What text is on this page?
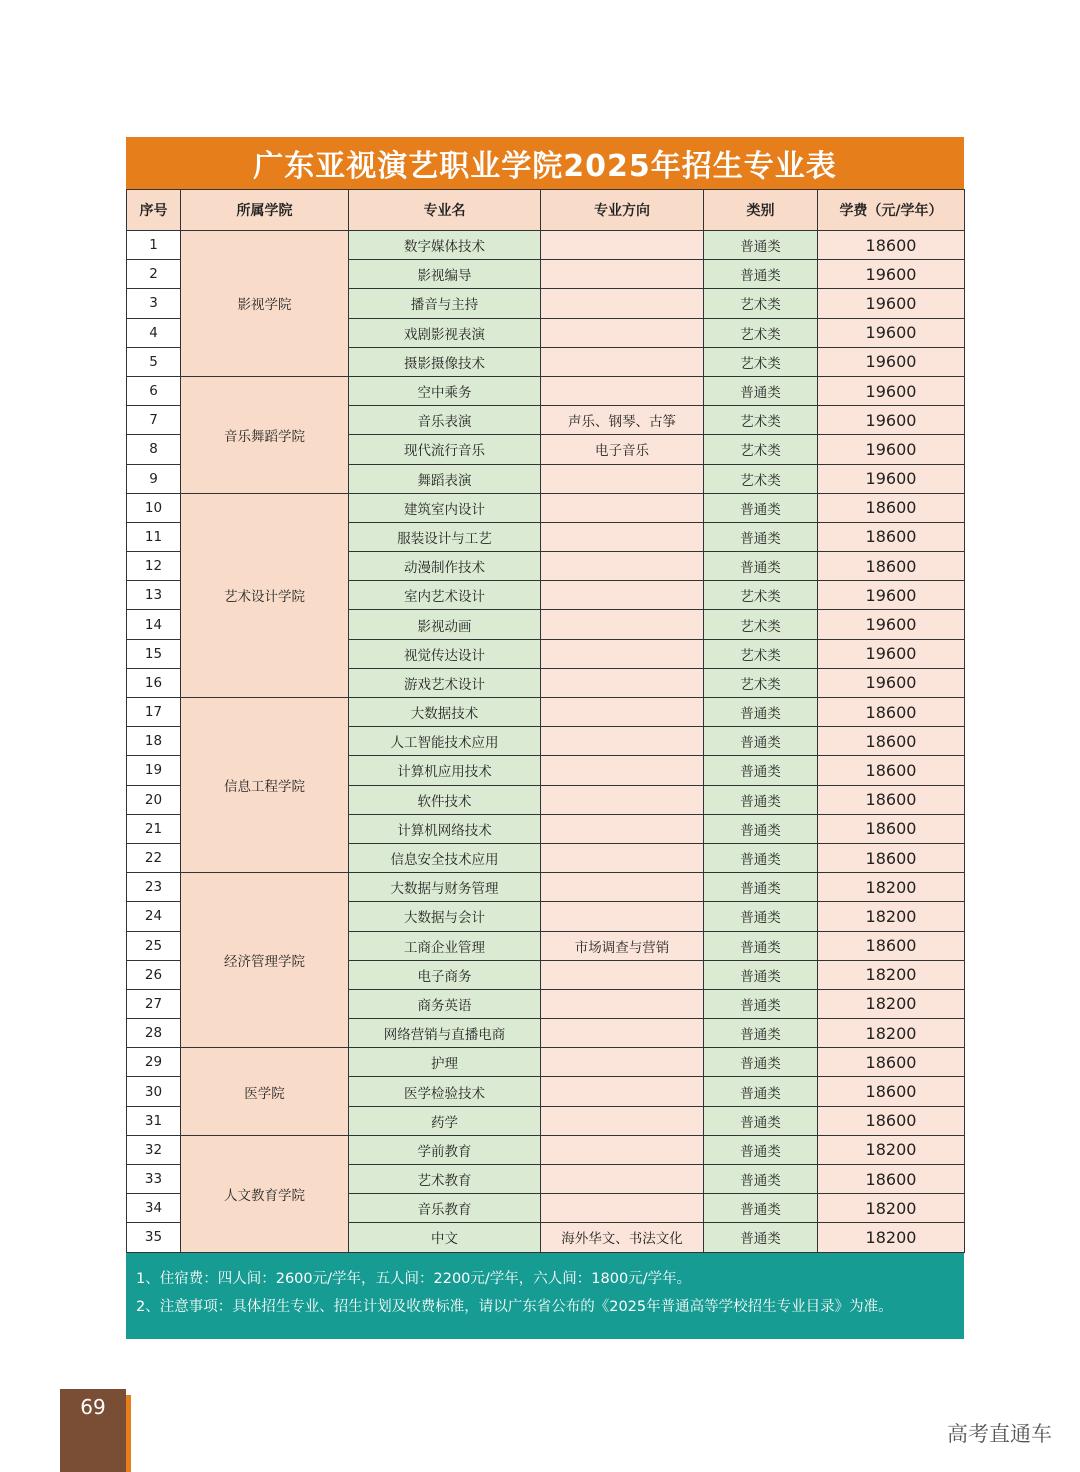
广东亚视演艺职业学院2025年招生专业表
序号	所属学院	专业名	专业方向	类别	学费（元/学年）
1	影视学院	数字媒体技术		普通类	18600
2		影视编导		普通类	19600
3		播音与主持		艺术类	19600
4		戏剧影视表演		艺术类	19600
5		摄影摄像技术		艺术类	19600
6	音乐舞蹈学院	空中乘务		普通类	19600
7		音乐表演	声乐、钢琴、古筝	艺术类	19600
8		现代流行音乐	电子音乐	艺术类	19600
9		舞蹈表演		艺术类	19600
10	艺术设计学院	建筑室内设计		普通类	18600
11		服装设计与工艺		普通类	18600
12		动漫制作技术		普通类	18600
13		室内艺术设计		艺术类	19600
14		影视动画		艺术类	19600
15		视觉传达设计		艺术类	19600
16		游戏艺术设计		艺术类	19600
17	信息工程学院	大数据技术		普通类	18600
18		人工智能技术应用		普通类	18600
19		计算机应用技术		普通类	18600
20		软件技术		普通类	18600
21		计算机网络技术		普通类	18600
22		信息安全技术应用		普通类	18600
23	经济管理学院	大数据与财务管理		普通类	18200
24		大数据与会计		普通类	18200
25		工商企业管理	市场调查与营销	普通类	18600
26		电子商务		普通类	18200
27		商务英语		普通类	18200
28		网络营销与直播电商		普通类	18200
29	医学院	护理		普通类	18600
30		医学检验技术		普通类	18600
31		药学		普通类	18600
32	人文教育学院	学前教育		普通类	18200
33		艺术教育		普通类	18600
34		音乐教育		普通类	18200
35		中文	海外华文、书法文化	普通类	18200
1、住宿费：四人间：2600元/学年，五人间：2200元/学年，六人间：1800元/学年。
2、注意事项：具体招生专业、招生计划及收费标准，请以广东省公布的《2025年普通高等学校招生专业目录》为准。
69
高考直通车
